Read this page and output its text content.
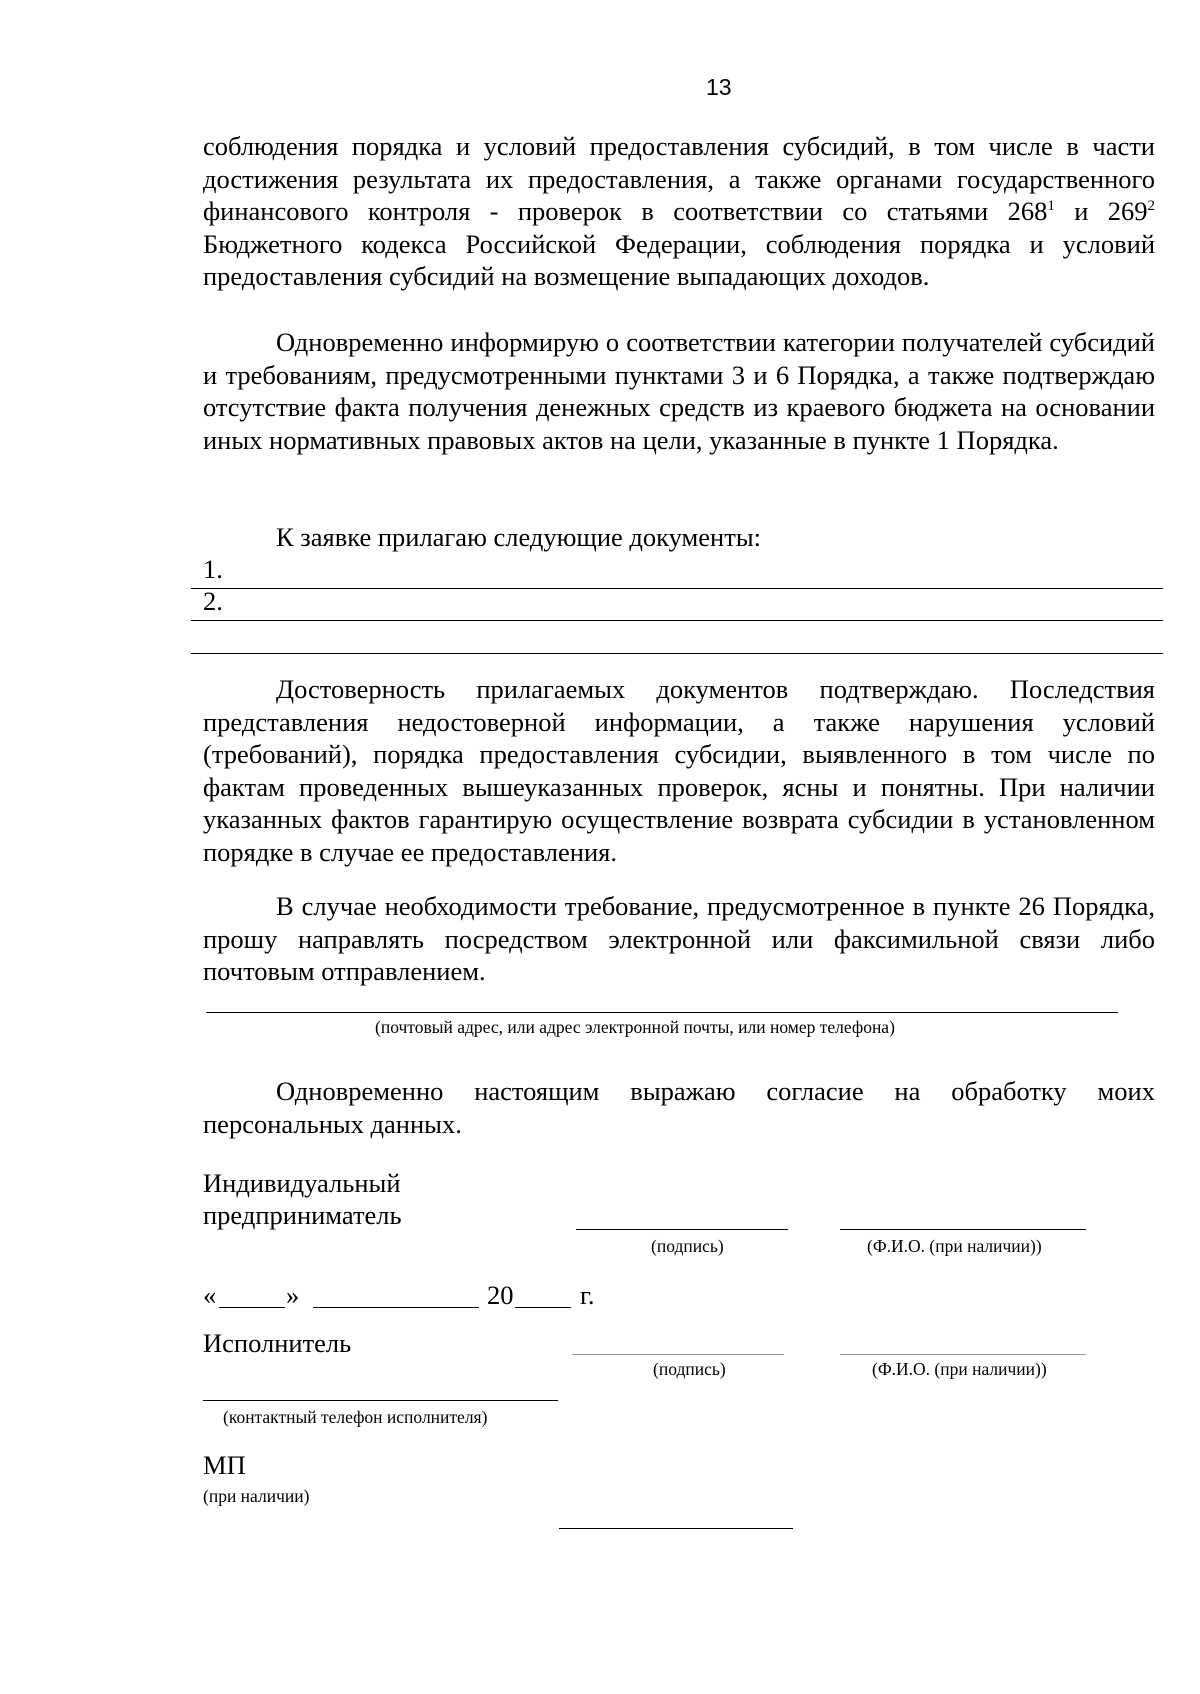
13
соблюдения порядка и условий предоставления субсидий, в том числе в части достижения результата их предоставления, а также органами государственного финансового контроля - проверок в соответствии со статьями $268^1$ и $269^2$ Бюджетного кодекса Российской Федерации, соблюдения порядка и условий предоставления субсидий на возмещение выпадающих доходов.
Одновременно информирую о соответствии категории получателей субсидий и требованиям, предусмотренными пунктами 3 и 6 Порядка, а также подтверждаю отсутствие факта получения денежных средств из краевого бюджета на основании иных нормативных правовых актов на цели, указанные в пункте 1 Порядка.
К заявке прилагаю следующие документы:
1.
2.
Достоверность прилагаемых документов подтверждаю. Последствия представления недостоверной информации, а также нарушения условий (требований), порядка предоставления субсидии, выявленного в том числе по фактам проведенных вышеуказанных проверок, ясны и понятны. При наличии указанных фактов гарантирую осуществление возврата субсидии в установленном порядке в случае ее предоставления.
В случае необходимости требование, предусмотренное в пункте 26 Порядка, прошу направлять посредством электронной или факсимильной связи либо почтовым отправлением.
(почтовый адрес, или адрес электронной почты, или номер телефона)
Одновременно настоящим выражаю согласие на обработку моих персональных данных.
Индивидуальный
предприниматель
(подпись)	(Ф.И.О. (при наличии))
«	»	20	г.
Исполнитель
(подпись)	(Ф.И.О. (при наличии))
(контактный телефон исполнителя)
МП
(при наличии)
